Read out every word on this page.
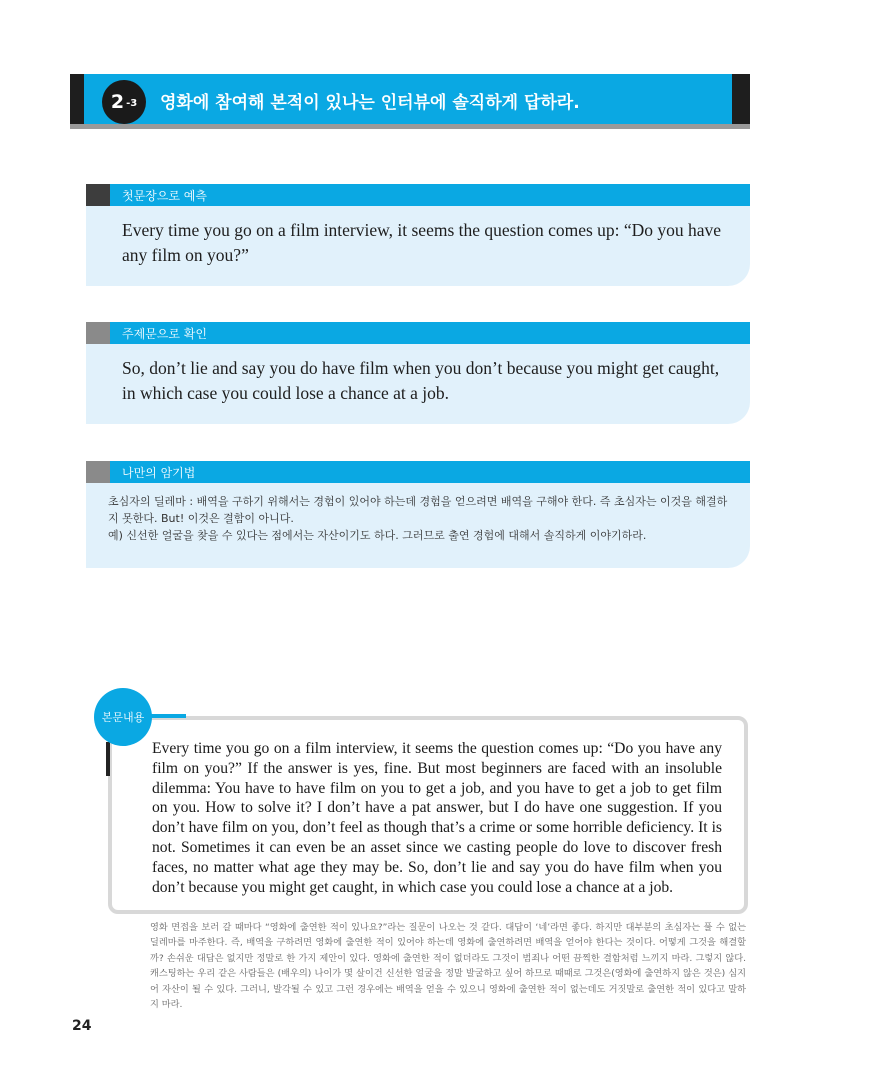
2 -3 영화에 참여해 본적이 있나는 인터뷰에 솔직하게 답하라.
첫문장으로 예측
Every time you go on a film interview, it seems the question comes up: “Do you have any film on you?”
주제문으로 확인
So, don’t lie and say you do have film when you don’t because you might get caught, in which case you could lose a chance at a job.
나만의 암기법
초심자의 딜레마 : 배역을 구하기 위해서는 경험이 있어야 하는데 경험을 얻으려면 배역을 구해야 한다. 즉 초심자는 이것을 해결하지 못한다. But! 이것은 결함이 아니다.
예) 신선한 얼굴을 찾을 수 있다는 점에서는 자산이기도 하다. 그러므로 출연 경험에 대해서 솔직하게 이야기하라.
본문내용
Every time you go on a film interview, it seems the question comes up: “Do you have any film on you?” If the answer is yes, fine. But most beginners are faced with an insoluble dilemma: You have to have film on you to get a job, and you have to get a job to get film on you. How to solve it? I don’t have a pat answer, but I do have one suggestion. If you don’t have film on you, don’t feel as though that’s a crime or some horrible deficiency. It is not. Sometimes it can even be an asset since we casting people do love to discover fresh faces, no matter what age they may be. So, don’t lie and say you do have film when you don’t because you might get caught, in which case you could lose a chance at a job.
영화 면접을 보러 갈 때마다 “영화에 출연한 적이 있나요?”라는 질문이 나오는 것 같다. 대답이 ‘네’라면 좋다. 하지만 대부분의 초심자는 풀 수 없는 딜레마를 마주한다. 즉, 배역을 구하려면 영화에 출연한 적이 있어야 하는데 영화에 출연하려면 배역을 얻어야 한다는 것이다. 어떻게 그것을 해결할까? 손쉬운 대답은 없지만 정말로 한 가지 제안이 있다. 영화에 출연한 적이 없더라도 그것이 범죄나 어떤 끔찍한 결함처럼 느끼지 마라. 그렇지 않다. 캐스팅하는 우리 같은 사람들은 (배우의) 나이가 몇 살이건 신선한 얼굴을 정말 발굴하고 싶어 하므로 때때로 그것은(영화에 출연하지 않은 것은) 심지어 자산이 될 수 있다. 그러니, 발각될 수 있고 그런 경우에는 배역을 얻을 수 있으니 영화에 출연한 적이 없는데도 거짓말로 출연한 적이 있다고 말하지 마라.
24
